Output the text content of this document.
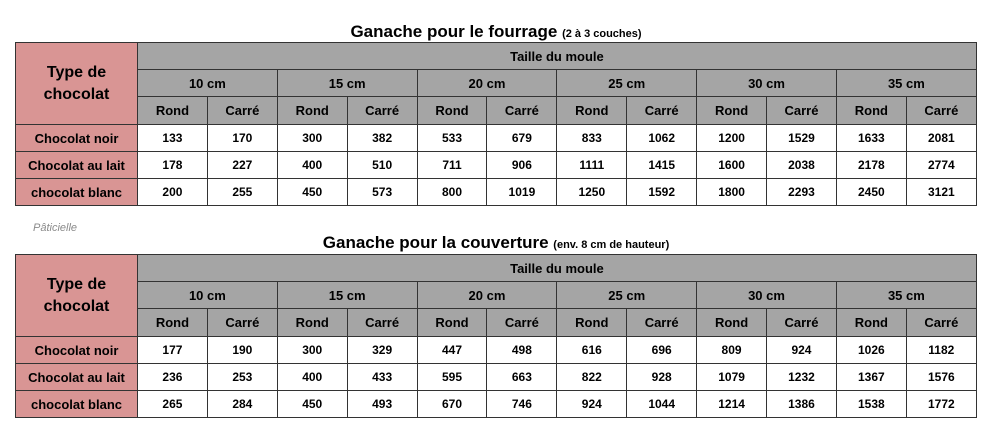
Ganache pour le fourrage (2 à 3 couches)
Type de
chocolat	Taille du moule											
	10 cm		15 cm		20 cm		25 cm		30 cm		35 cm	
	Rond	Carré	Rond	Carré	Rond	Carré	Rond	Carré	Rond	Carré	Rond	Carré
Chocolat noir	133	170	300	382	533	679	833	1062	1200	1529	1633	2081
Chocolat au lait	178	227	400	510	711	906	1111	1415	1600	2038	2178	2774
chocolat blanc	200	255	450	573	800	1019	1250	1592	1800	2293	2450	3121
Pâticielle
Ganache pour la couverture (env. 8 cm de hauteur)
Type de
chocolat	Taille du moule											
	10 cm		15 cm		20 cm		25 cm		30 cm		35 cm	
	Rond	Carré	Rond	Carré	Rond	Carré	Rond	Carré	Rond	Carré	Rond	Carré
Chocolat noir	177	190	300	329	447	498	616	696	809	924	1026	1182
Chocolat au lait	236	253	400	433	595	663	822	928	1079	1232	1367	1576
chocolat blanc	265	284	450	493	670	746	924	1044	1214	1386	1538	1772
